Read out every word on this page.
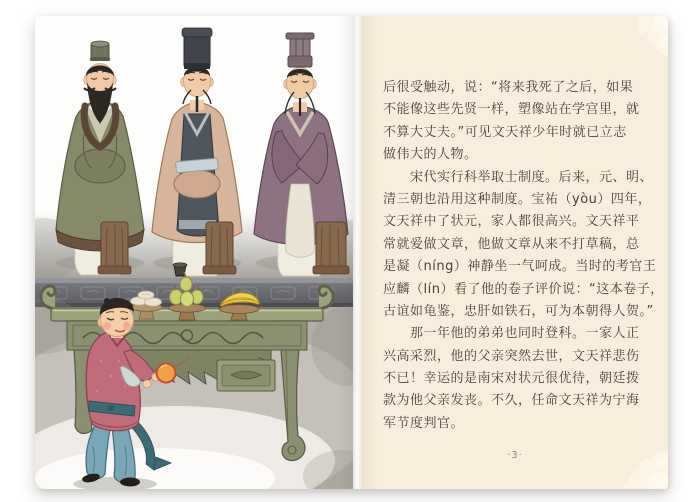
后很受触动，说：“将来我死了之后，如果
不能像这些先贤一样，塑像站在学宫里，就
不算大丈夫。”可见文天祥少年时就已立志
做伟大的人物。
　　宋代实行科举取士制度。后来，元、明、
清三朝也沿用这种制度。宝祐（yòu）四年，
文天祥中了状元，家人都很高兴。文天祥平
常就爱做文章，他做文章从来不打草稿，总
是凝（níng）神静坐一气呵成。当时的考官王
应麟（lín）看了他的卷子评价说：“这本卷子，
古谊如龟鉴，忠肝如铁石，可为本朝得人贺。”
　　那一年他的弟弟也同时登科。一家人正
兴高采烈，他的父亲突然去世，文天祥悲伤
不已！幸运的是南宋对状元很优待，朝廷拨
款为他父亲发丧。不久，任命文天祥为宁海
军节度判官。
·3·
